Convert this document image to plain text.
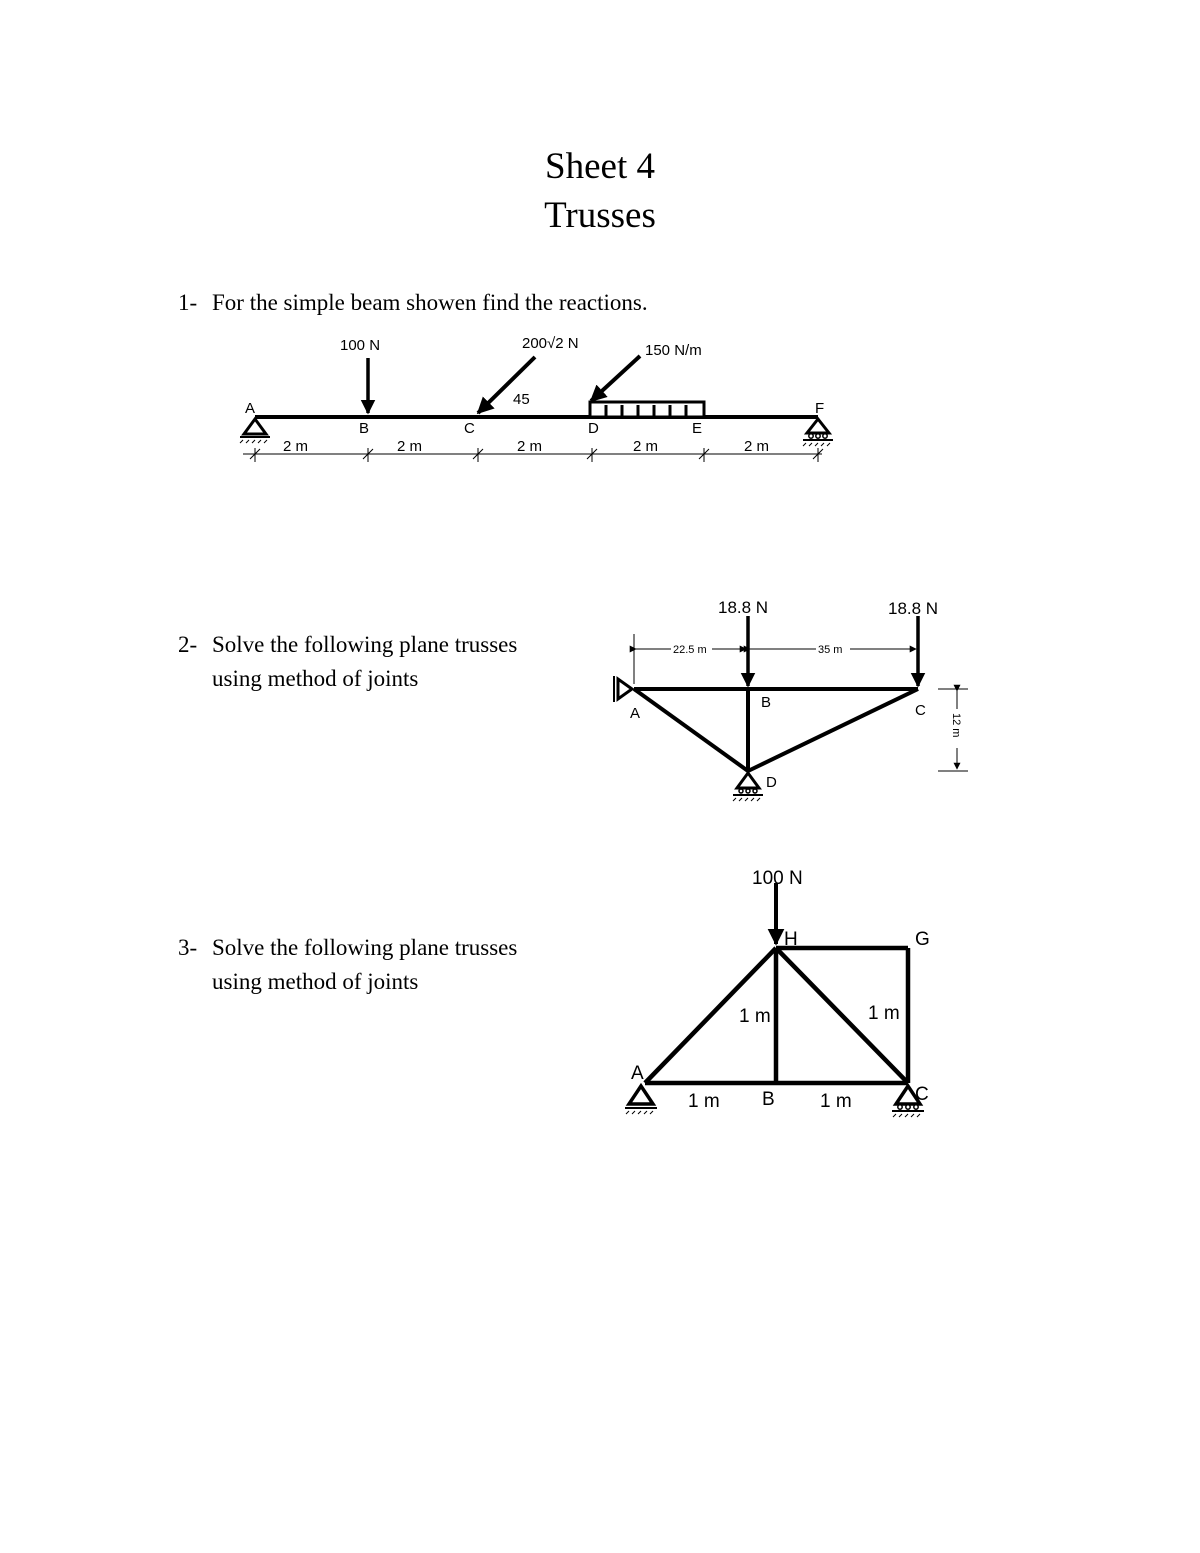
Sheet 4
Trusses
1- For the simple beam showen find the reactions.
2- Solve the following plane trusses
using method of joints
3- Solve the following plane trusses
using method of joints
100 N	200√2 N	150 N/m
45
A
B	C	D	E
F
2 m	2 m	2 m	2 m	2 m
18.8 N	18.8 N
22.5 m	35 m
12 m
A
B	C
D
100 N
A
B	C
H	G
1 m	1 m
1 m	1 m
